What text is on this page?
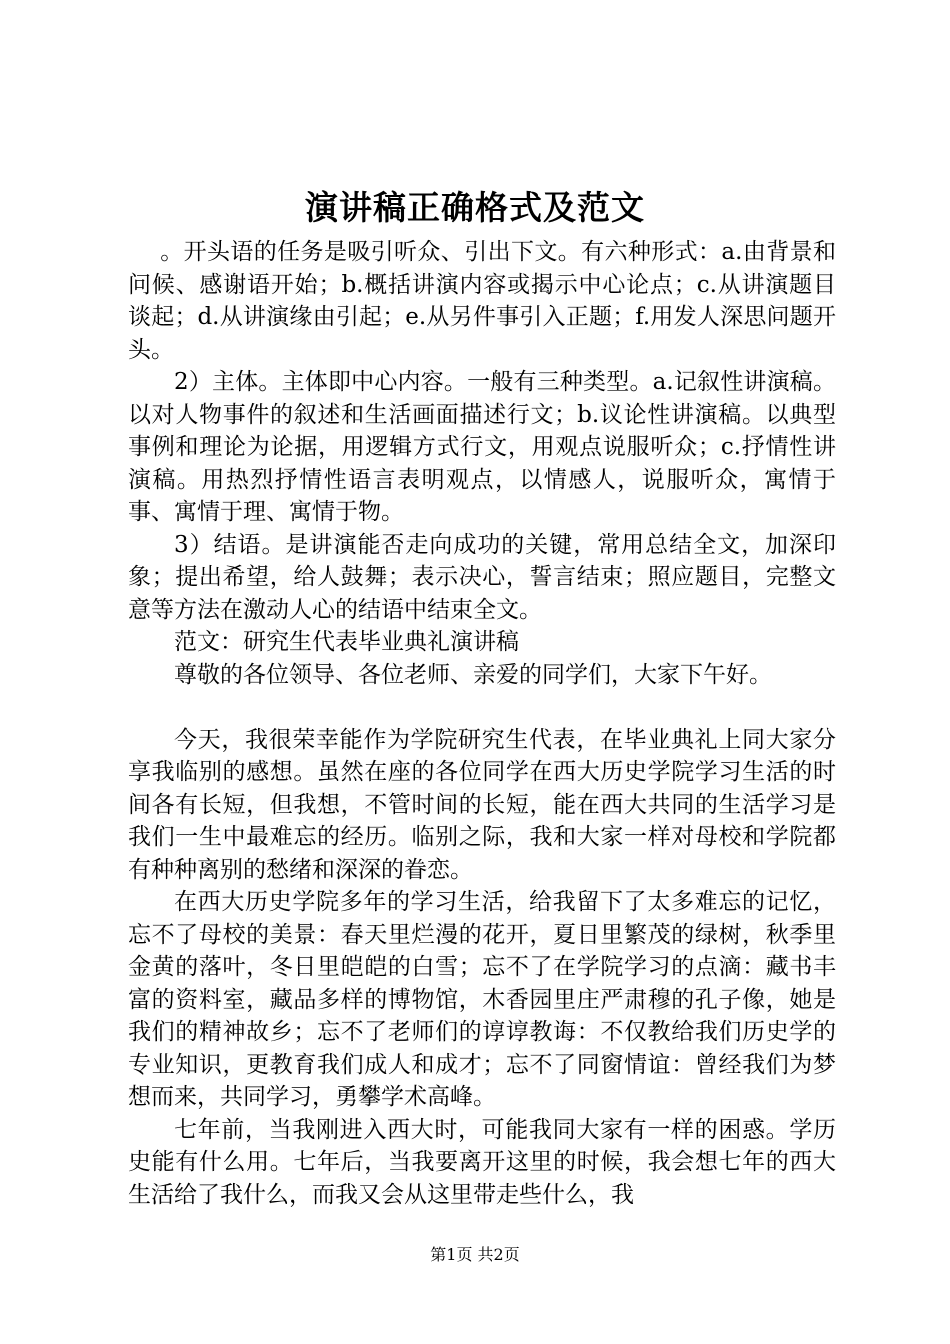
演讲稿正确格式及范文

。开头语的任务是吸引听众、引出下文。有六种形式：a.由背景和问候、感谢语开始；b.概括讲演内容或揭示中心论点；c.从讲演题目谈起；d.从讲演缘由引起；e.从另件事引入正题；f.用发人深思问题开头。

2）主体。主体即中心内容。一般有三种类型。a.记叙性讲演稿。以对人物事件的叙述和生活画面描述行文；b.议论性讲演稿。以典型事例和理论为论据，用逻辑方式行文，用观点说服听众；c.抒情性讲演稿。用热烈抒情性语言表明观点，以情感人，说服听众，寓情于事、寓情于理、寓情于物。

3）结语。是讲演能否走向成功的关键，常用总结全文，加深印象；提出希望，给人鼓舞；表示决心，誓言结束；照应题目，完整文意等方法在激动人心的结语中结束全文。

范文：研究生代表毕业典礼演讲稿

尊敬的各位领导、各位老师、亲爱的同学们，大家下午好。

今天，我很荣幸能作为学院研究生代表，在毕业典礼上同大家分享我临别的感想。虽然在座的各位同学在西大历史学院学习生活的时间各有长短，但我想，不管时间的长短，能在西大共同的生活学习是我们一生中最难忘的经历。临别之际，我和大家一样对母校和学院都有种种离别的愁绪和深深的眷恋。

在西大历史学院多年的学习生活，给我留下了太多难忘的记忆，忘不了母校的美景：春天里烂漫的花开，夏日里繁茂的绿树，秋季里金黄的落叶，冬日里皑皑的白雪；忘不了在学院学习的点滴：藏书丰富的资料室，藏品多样的博物馆，木香园里庄严肃穆的孔子像，她是我们的精神故乡；忘不了老师们的谆谆教诲：不仅教给我们历史学的专业知识，更教育我们成人和成才；忘不了同窗情谊：曾经我们为梦想而来，共同学习，勇攀学术高峰。

七年前，当我刚进入西大时，可能我同大家有一样的困惑。学历史能有什么用。七年后，当我要离开这里的时候，我会想七年的西大生活给了我什么，而我又会从这里带走些什么，我

第1页 共2页
